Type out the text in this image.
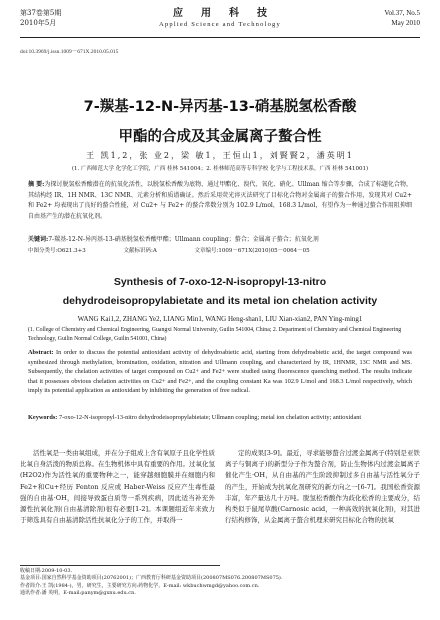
第37卷第5期
2010年5月
应用科技
Applied Science and Technology
Vol.37, No.5
May 2010
doi:10.3969/j.issn.1009－671X.2010.05.015
7-羰基-12-N-异丙基-13-硝基脱氢松香酸
甲酯的合成及其金属离子螯合性
王 凯1,2，张 业2，梁 敏1，王恒山1，刘賢賢2，潘英明1
(1. 广西师范大学 化学化工学院，广西 桂林 541004；2. 桂林师范高等专科学校 化学与工程技术系，广西 桂林 541001)
摘 要:为探讨脱氢松香酸潜在的抗氧化活性，以脱氢松香酸为底物，通过甲酯化、溴代、氧化、硝化、Ullman 缩合等步骤，合成了标题化合物，其结构经 IR、1H NMR、13C NMR、元素分析和质谱确证。然后采用荧光淬灭法研究了目标化合物对金属离子的螯合作用，发现其对 Cu2+ 和 Fe2+ 均表现出了良好的螯合性能，对 Cu2+ 与 Fe2+ 的螯合常数分别为 102.9 L/mol，168.3 L/mol，有望作为一种通过螯合作用阻抑细自由基产生的潜在抗氧化剂。
关键词:7-羰基-12-N-异丙基-13-硝基脱氢松香酸甲酯；Ullmann coupling；螯合；金属离子螯合；抗氧化剂
中图分类号:O621.3+3	文献标识码:A	文章编号:1009－671X(2010)05－0064－05
Synthesis of 7-oxo-12-N-isopropyl-13-nitro
dehydrodeisopropylabietate and its metal ion chelation activity
WANG Kai1,2, ZHANG Ye2, LIANG Min1, WANG Heng-shan1, LIU Xian-xian2, PAN Ying-ming1
(1. College of Chemistry and Chemical Engineering, Guangxi Normal University, Guilin 541004, China; 2. Department of Chemistry and Chemical Engineering Technology, Guilin Normal College, Guilin 541001, China)
Abstract: In order to discuss the potential antioxidant activity of dehydroabietic acid, starting from dehydroabietic acid, the target compound was synthesized through methylation, bromination, oxidation, nitration and Ullmann coupling, and characterized by IR, 1HNMR, 13C NMR and MS. Subsequently, the chelation activities of target compound on Cu2+ and Fe2+ were studied using fluorescence quenching method. The results indicate that it possesses obvious chelation activities on Cu2+ and Fe2+, and the coupling constant Ka was 102.9 L/mol and 168.3 L/mol respectively, which imply its potential application as antioxidant by inhibiting the generation of free radical.
Keywords: 7-oxo-12-N-isopropyl-13-nitro dehydrodeisopropylabietate; Ullmann coupling; metal ion chelation activity; antioxidant
活性氧是一类由氧组成，并在分子组成上含有氧原子且化学性质比氧自身活泼的物质总称。在生物机体中具有重要的作用。过氧化氢(H2O2)作为活性氧的重要物种之一，能穿越细胞膜并在细胞内和Fe2+和Cu+经历 Fenton 反应或 Haber-Weiss 反应产生毒性最强的自由基·OH，间接导致蛋白质等一系列疾病，因此适当补充外源性抗氧化剂(自由基清除剂)很有必要[1-2]。本课题组近年来致力于筛选具有自由基清除活性抗氧化分子的工作，并取得一
定的成果[3-9]。最近，寻求能够螯合过渡金属离子(特别是亚铁离子与铜离子)的新型分子作为螯合剂，防止生物体内过渡金属离子催化产生·OH，从自由基的产生阶段抑制过多自由基与活性氧分子的产生，开始成为抗氧化剂研究的新方向之一[6-7]。我国松香资源丰富，年产量达几十万吨。脱氢松香酸作为歧化松香的主要成分，结构类似于鼠尾草酸(Carnosic acid，一种高效的抗氧化剂)，对其进行结构修饰，从金属离子螯合机理来研究目标化合物的抗氧
收稿日期:2009-10-03.
基金项目:国家自然科学基金资助项目(20762001)；广西教育厅科研基金资助项目(200807MS076.200807MS075).
作者简介:王 凯(1984-)，男，研究生，主要研究方向:药物化学，E-mail: wkbuchwmgd@yahoo.com.cn.
通讯作者:潘 英明，E-mail:panym@gxnu.edu.cn.
